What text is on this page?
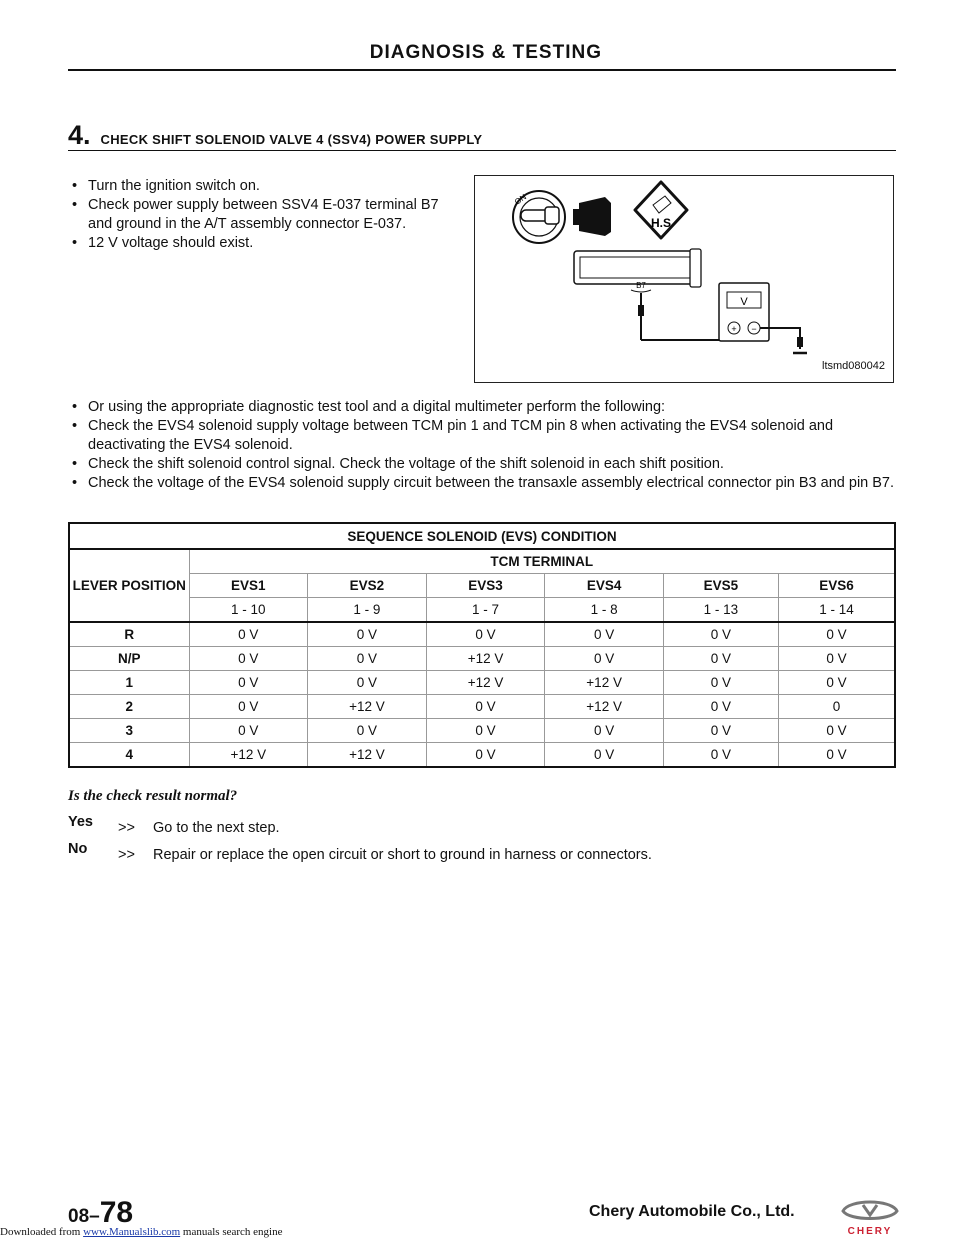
DIAGNOSIS & TESTING
4. CHECK SHIFT SOLENOID VALVE 4 (SSV4) POWER SUPPLY
• Turn the ignition switch on.
• Check power supply between SSV4 E-037 terminal B7 and ground in the A/T assembly connector E-037.
• 12 V voltage should exist.
ON
H.S
B7
V
+ −
ltsmd080042
• Or using the appropriate diagnostic test tool and a digital multimeter perform the following:
• Check the EVS4 solenoid supply voltage between TCM pin 1 and TCM pin 8 when activating the EVS4 solenoid and deactivating the EVS4 solenoid.
• Check the shift solenoid control signal. Check the voltage of the shift solenoid in each shift position.
• Check the voltage of the EVS4 solenoid supply circuit between the transaxle assembly electrical connector pin B3 and pin B7.
SEQUENCE SOLENOID (EVS) CONDITION						
LEVER POSITION	TCM TERMINAL					
	EVS1	EVS2	EVS3	EVS4	EVS5	EVS6
	1 - 10	1 - 9	1 - 7	1 - 8	1 - 13	1 - 14
R	0 V	0 V	0 V	0 V	0 V	0 V
N/P	0 V	0 V	+12 V	0 V	0 V	0 V
1	0 V	0 V	+12 V	+12 V	0 V	0 V
2	0 V	+12 V	0 V	+12 V	0 V	0
3	0 V	0 V	0 V	0 V	0 V	0 V
4	+12 V	+12 V	0 V	0 V	0 V	0 V
Is the check result normal?
Yes	>>	Go to the next step.
No	>>	Repair or replace the open circuit or short to ground in harness or connectors.
08–78	Chery Automobile Co., Ltd.
CHERY
Downloaded from www.Manualslib.com manuals search engine
